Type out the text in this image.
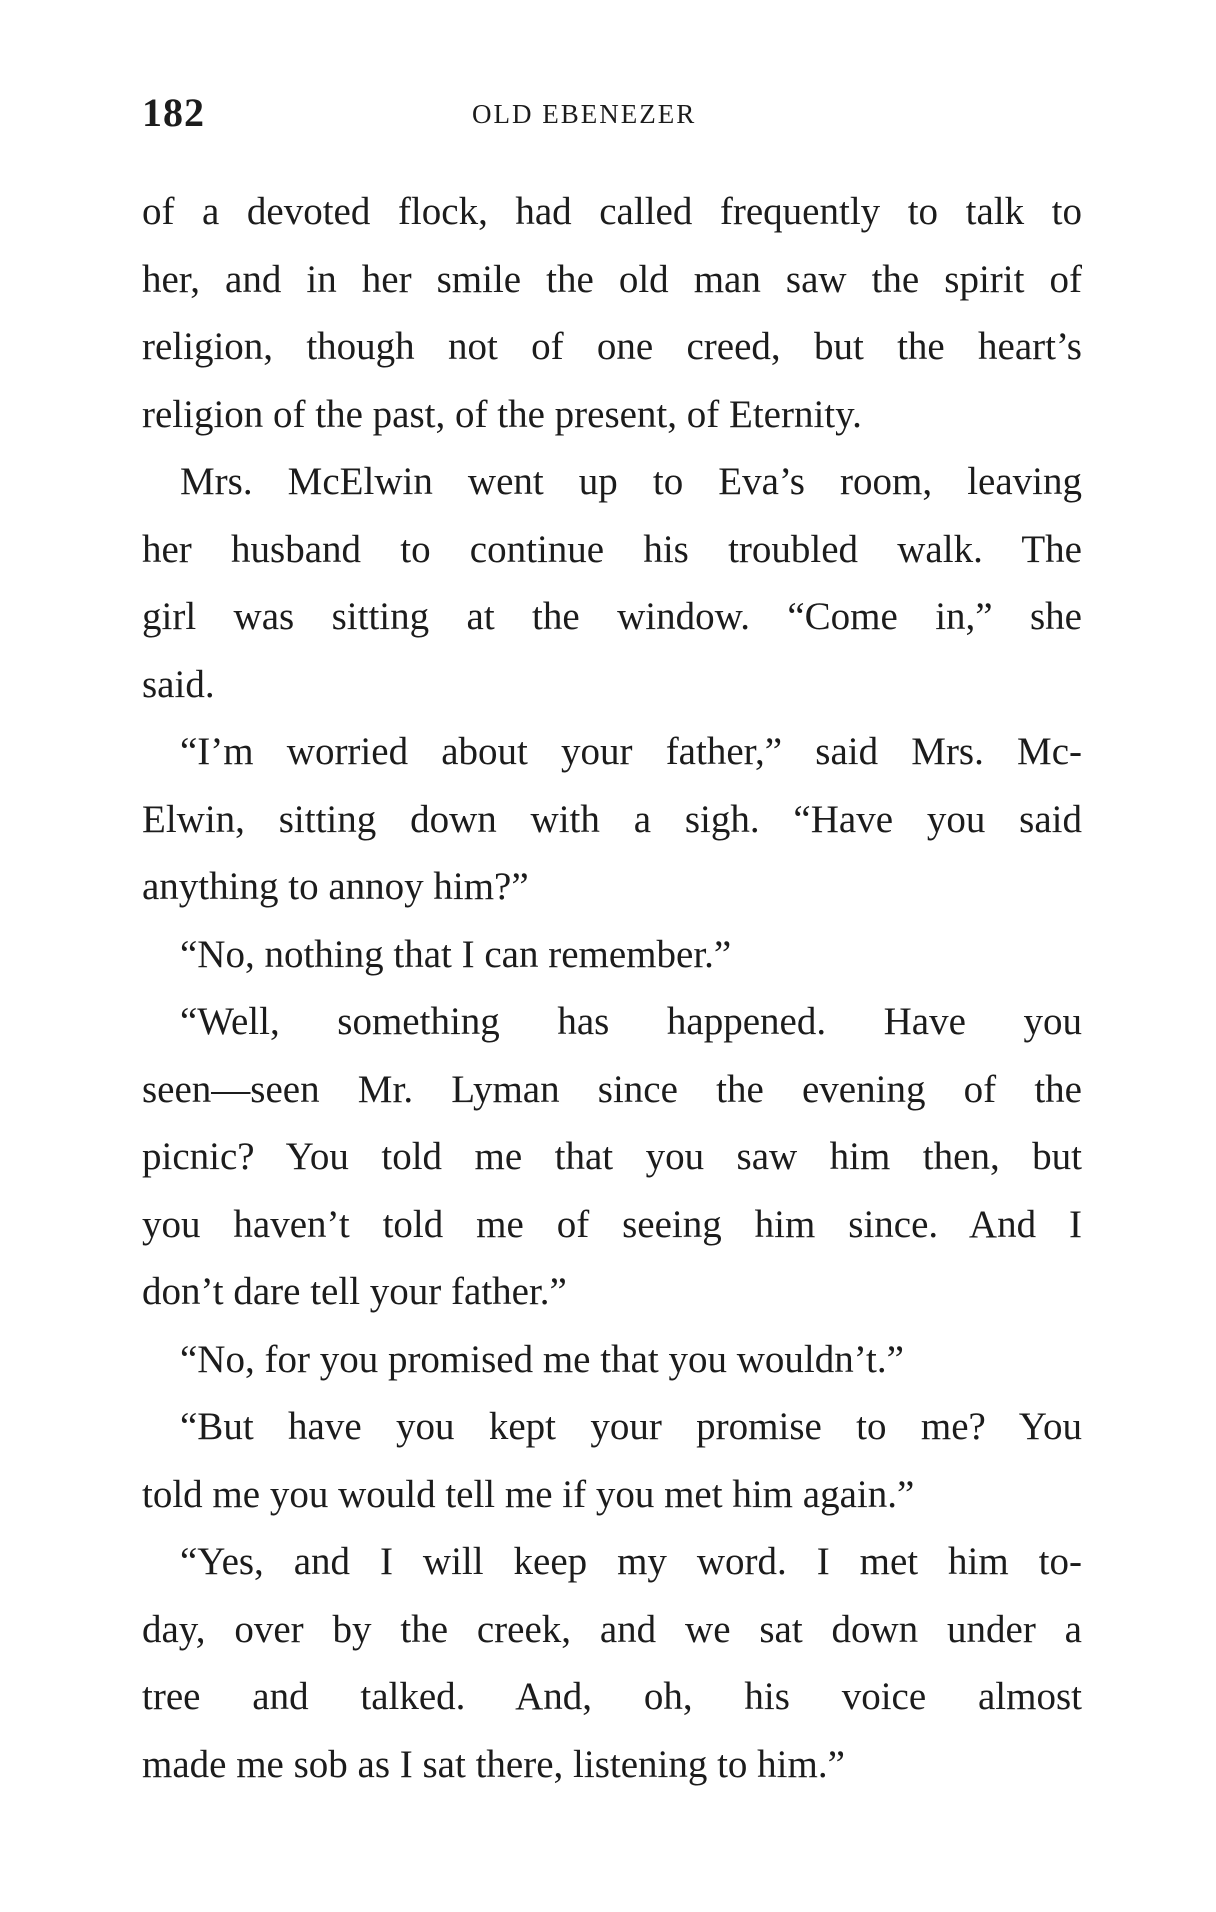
182	OLD EBENEZER
of a devoted flock, had called frequently to talk to
her, and in her smile the old man saw the spirit of
religion, though not of one creed, but the heart’s
religion of the past, of the present, of Eternity.
Mrs. McElwin went up to Eva’s room, leaving
her husband to continue his troubled walk. The
girl was sitting at the window. “Come in,” she
said.
“I’m worried about your father,” said Mrs. Mc-
Elwin, sitting down with a sigh. “Have you said
anything to annoy him?”
“No, nothing that I can remember.”
“Well, something has happened. Have you
seen—seen Mr. Lyman since the evening of the
picnic? You told me that you saw him then, but
you haven’t told me of seeing him since. And I
don’t dare tell your father.”
“No, for you promised me that you wouldn’t.”
“But have you kept your promise to me? You
told me you would tell me if you met him again.”
“Yes, and I will keep my word. I met him to-
day, over by the creek, and we sat down under a
tree and talked. And, oh, his voice almost
made me sob as I sat there, listening to him.”
